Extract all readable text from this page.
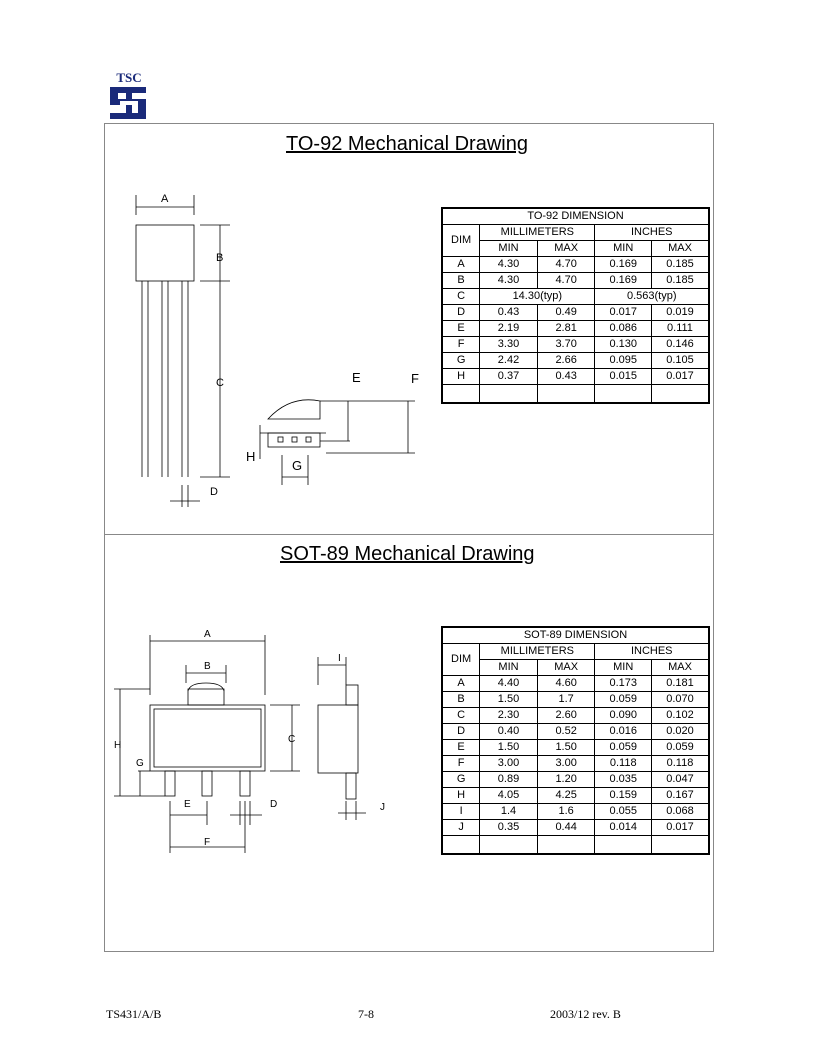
TSC
TO-92 Mechanical Drawing
A
B
C
D
E	F
G
H
TO-92 DIMENSION				
DIM	MILLIMETERS		INCHES	
	MIN	MAX	MIN	MAX
A	4.30	4.70	0.169	0.185
B	4.30	4.70	0.169	0.185
C	14.30(typ)		0.563(typ)	
D	0.43	0.49	0.017	0.019
E	2.19	2.81	0.086	0.111
F	3.30	3.70	0.130	0.146
G	2.42	2.66	0.095	0.105
H	0.37	0.43	0.015	0.017

SOT-89 Mechanical Drawing
A
B
C
D
E
F
G
H
I
J
SOT-89 DIMENSION				
DIM	MILLIMETERS		INCHES	
	MIN	MAX	MIN	MAX
A	4.40	4.60	0.173	0.181
B	1.50	1.7	0.059	0.070
C	2.30	2.60	0.090	0.102
D	0.40	0.52	0.016	0.020
E	1.50	1.50	0.059	0.059
F	3.00	3.00	0.118	0.118
G	0.89	1.20	0.035	0.047
H	4.05	4.25	0.159	0.167
I	1.4	1.6	0.055	0.068
J	0.35	0.44	0.014	0.017

TS431/A/B	7-8	2003/12 rev. B
